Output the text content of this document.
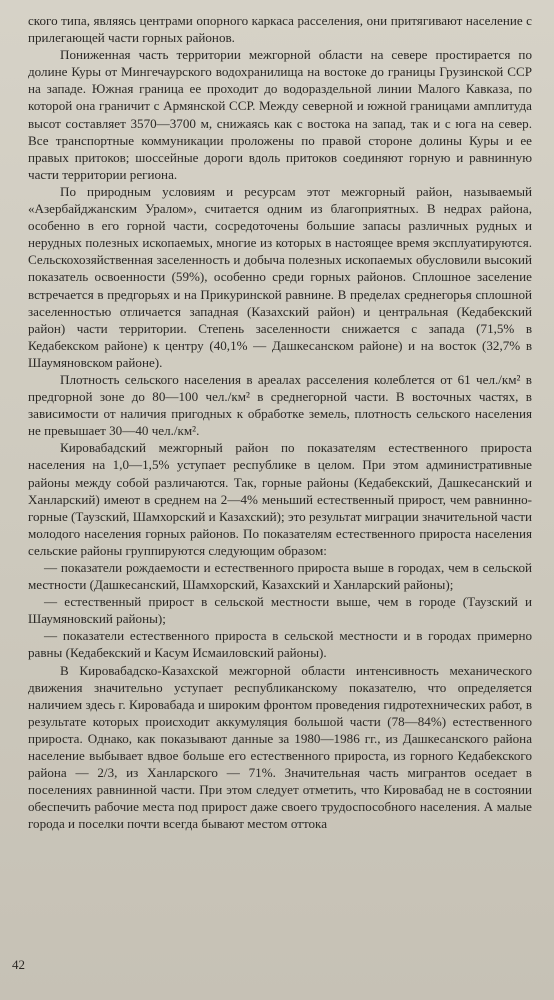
ского типа, являясь центрами опорного каркаса расселения, они притягивают население с прилегающей части горных районов.

Пониженная часть территории межгорной области на севере простирается по долине Куры от Мингечаурского водохранилища на востоке до границы Грузинской ССР на западе. Южная граница ее проходит до водораздельной линии Малого Кавказа, по которой она граничит с Армянской ССР. Между северной и южной границами амплитуда высот составляет 3570—3700 м, снижаясь как с востока на запад, так и с юга на север. Все транспортные коммуникации проложены по правой стороне долины Куры и ее правых притоков; шоссейные дороги вдоль притоков соединяют горную и равнинную части территории региона.

По природным условиям и ресурсам этот межгорный район, называемый «Азербайджанским Уралом», считается одним из благоприятных. В недрах района, особенно в его горной части, сосредоточены большие запасы различных рудных и нерудных полезных ископаемых, многие из которых в настоящее время эксплуатируются. Сельскохозяйственная заселенность и добыча полезных ископаемых обусловили высокий показатель освоенности (59%), особенно среди горных районов. Сплошное заселение встречается в предгорьях и на Прикуринской равнине. В пределах среднегорья сплошной заселенностью отличается западная (Казахский район) и центральная (Кедабекский район) части территории. Степень заселенности снижается с запада (71,5% в Кедабекском районе) к центру (40,1% — Дашкесанском районе) и на восток (32,7% в Шаумяновском районе).

Плотность сельского населения в ареалах расселения колеблется от 61 чел./км² в предгорной зоне до 80—100 чел./км² в среднегорной части. В восточных частях, в зависимости от наличия пригодных к обработке земель, плотность сельского населения не превышает 30—40 чел./км².

Кировабадский межгорный район по показателям естественного прироста населения на 1,0—1,5% уступает республике в целом. При этом административные районы между собой различаются. Так, горные районы (Кедабекский, Дашкесанский и Ханларский) имеют в среднем на 2—4% меньший естественный прирост, чем равнинно-горные (Таузский, Шамхорский и Казахский); это результат миграции значительной части молодого населения горных районов. По показателям естественного прироста населения сельские районы группируются следующим образом:

— показатели рождаемости и естественного прироста выше в городах, чем в сельской местности (Дашкесанский, Шамхорский, Казахский и Ханларский районы);

— естественный прирост в сельской местности выше, чем в городе (Таузский и Шаумяновский районы);

— показатели естественного прироста в сельской местности и в городах примерно равны (Кедабекский и Касум Исмаиловский районы).

В Кировабадско-Казахской межгорной области интенсивность механического движения значительно уступает республиканскому показателю, что определяется наличием здесь г. Кировабада и широким фронтом проведения гидротехнических работ, в результате которых происходит аккумуляция большой части (78—84%) естественного прироста. Однако, как показывают данные за 1980—1986 гг., из Дашкесанского района население выбывает вдвое больше его естественного прироста, из горного Кедабекского района — 2/3, из Ханларского — 71%. Значительная часть мигрантов оседает в поселениях равнинной части. При этом следует отметить, что Кировабад не в состоянии обеспечить рабочие места под прирост даже своего трудоспособного населения. А малые города и поселки почти всегда бывают местом оттока

42
